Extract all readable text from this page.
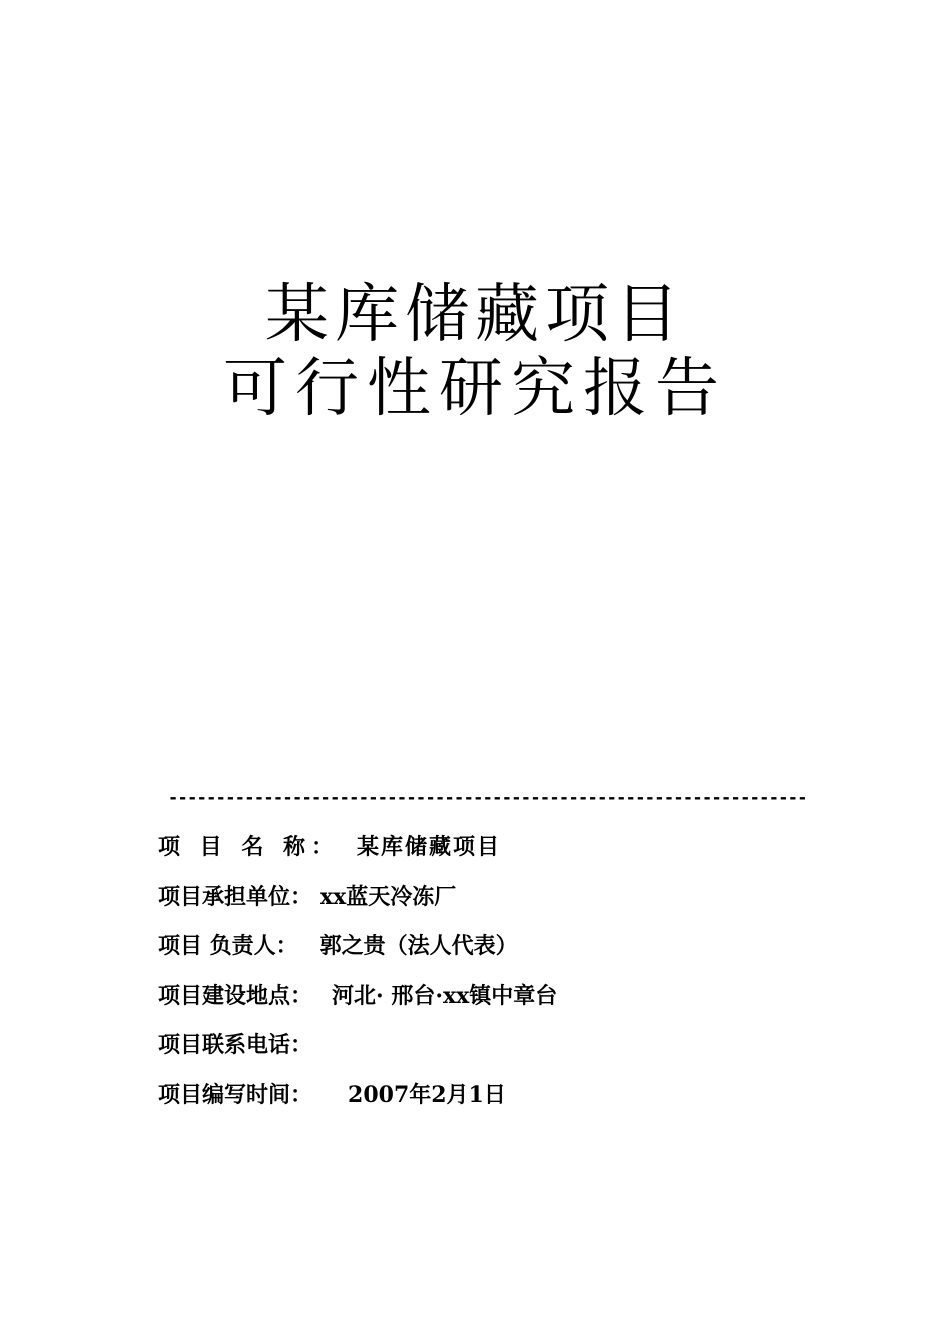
某库储藏项目
可行性研究报告
-------------------------------------------------------------------
项 目 名 称： 某库储藏项目
项目承担单位： xx蓝天冷冻厂
项目 负责人： 郭之贵（法人代表）
项目建设地点： 河北· 邢台·xx镇中章台
项目联系电话：
项目编写时间： 2007年2月1日
